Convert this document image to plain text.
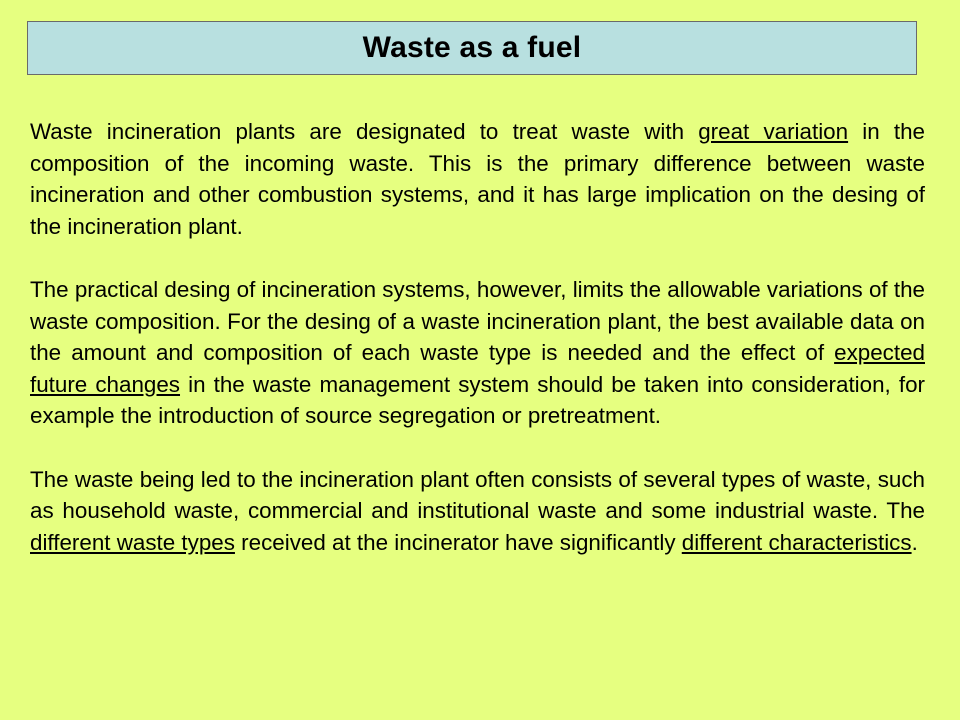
Waste as a fuel

Waste incineration plants are designated to treat waste with great variation in the composition of the incoming waste. This is the primary difference between waste incineration and other combustion systems, and it has large implication on the desing of the incineration plant.

The practical desing of incineration systems, however, limits the allowable variations of the waste composition. For the desing of a waste incineration plant, the best available data on the amount and composition of each waste type is needed and the effect of expected future changes in the waste management system should be taken into consideration, for example the introduction of source segregation or pretreatment.

The waste being led to the incineration plant often consists of several types of waste, such as household waste, commercial and institutional waste and some industrial waste. The different waste types received at the incinerator have significantly different characteristics.
